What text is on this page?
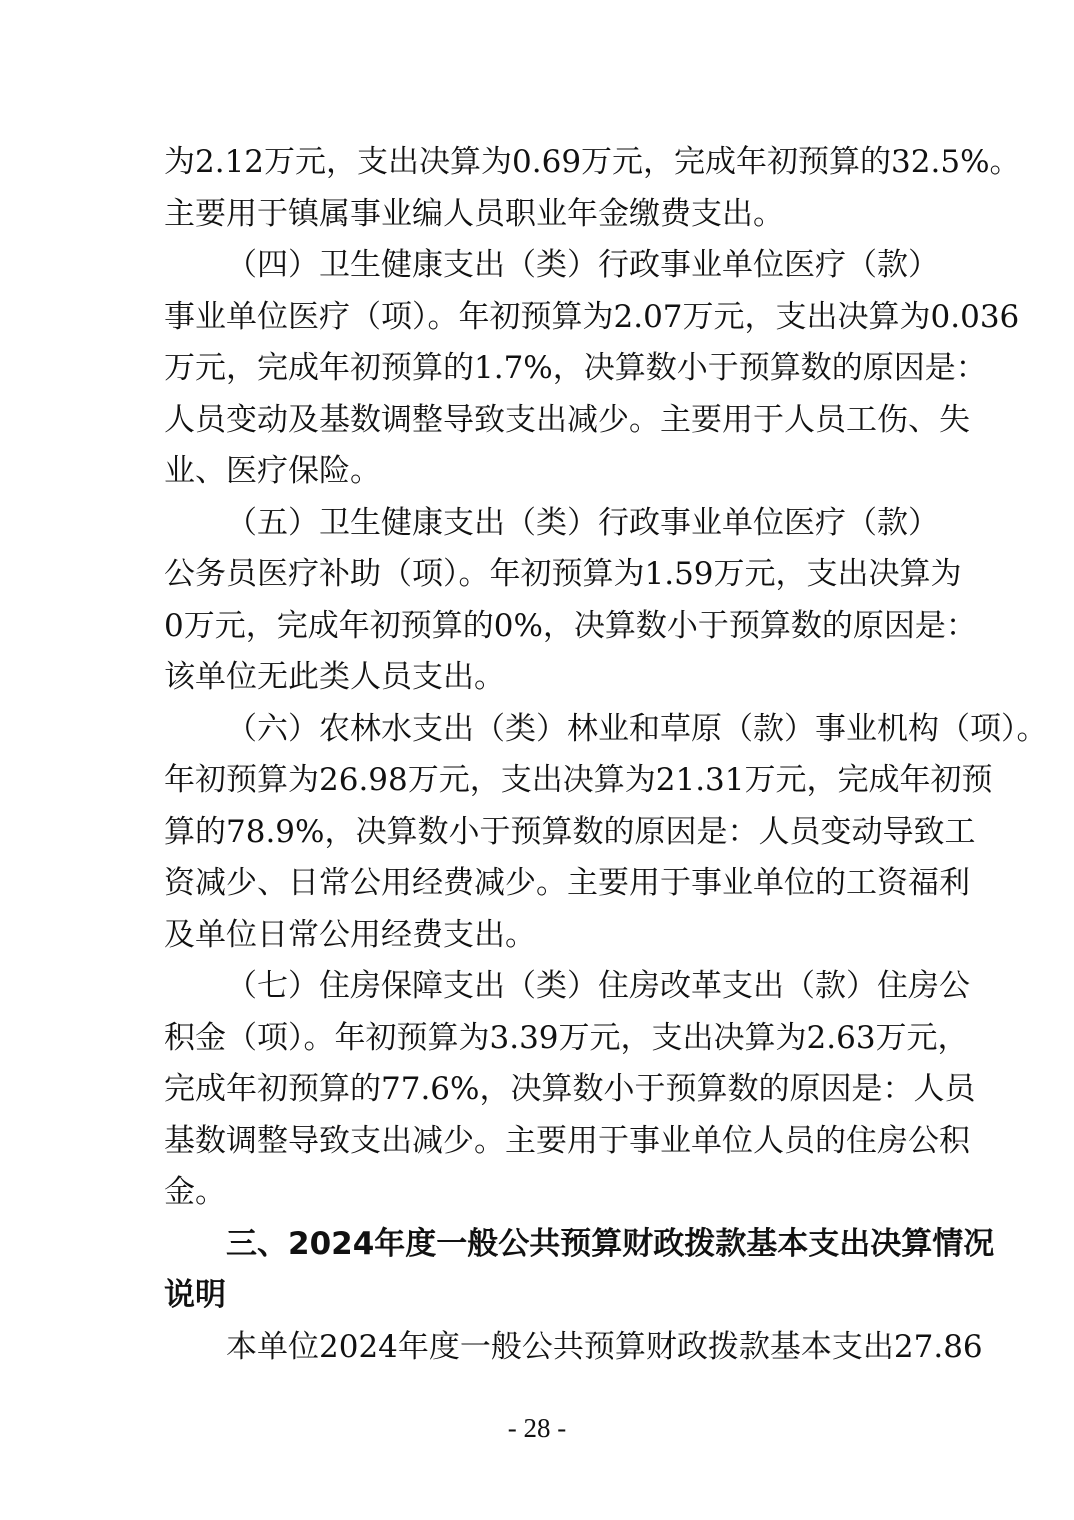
为2.12万元，支出决算为0.69万元，完成年初预算的32.5%。
主要用于镇属事业编人员职业年金缴费支出。
（四）卫生健康支出（类）行政事业单位医疗（款）
事业单位医疗（项）。年初预算为2.07万元，支出决算为0.036
万元，完成年初预算的1.7%，决算数小于预算数的原因是：
人员变动及基数调整导致支出减少。主要用于人员工伤、失
业、医疗保险。
（五）卫生健康支出（类）行政事业单位医疗（款）
公务员医疗补助（项）。年初预算为1.59万元，支出决算为
0万元，完成年初预算的0%，决算数小于预算数的原因是：
该单位无此类人员支出。
（六）农林水支出（类）林业和草原（款）事业机构（项）。
年初预算为26.98万元，支出决算为21.31万元，完成年初预
算的78.9%，决算数小于预算数的原因是：人员变动导致工
资减少、日常公用经费减少。主要用于事业单位的工资福利
及单位日常公用经费支出。
（七）住房保障支出（类）住房改革支出（款）住房公
积金（项）。年初预算为3.39万元，支出决算为2.63万元，
完成年初预算的77.6%，决算数小于预算数的原因是：人员
基数调整导致支出减少。主要用于事业单位人员的住房公积
金。
三、2024年度一般公共预算财政拨款基本支出决算情况
说明
本单位2024年度一般公共预算财政拨款基本支出27.86
- 28 -
